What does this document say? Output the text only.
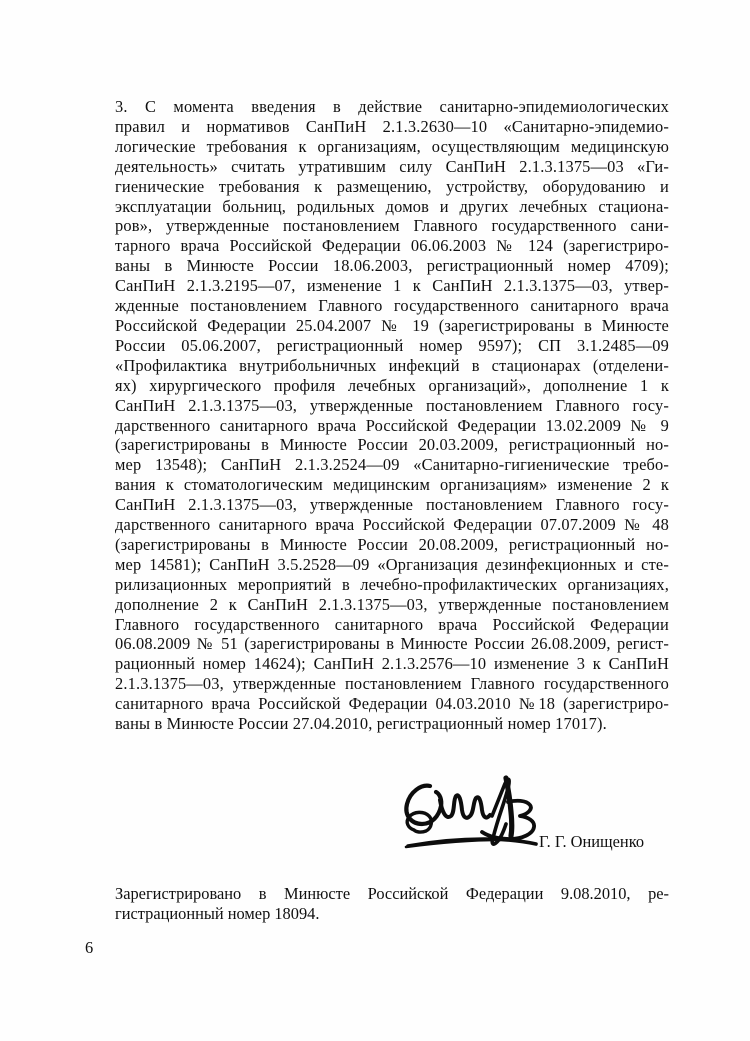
3. С момента введения в действие санитарно-эпидемиологических
правил и нормативов СанПиН 2.1.3.2630—10 «Санитарно-эпидемио-
логические требования к организациям, осуществляющим медицинскую
деятельность» считать утратившим силу СанПиН 2.1.3.1375—03 «Ги-
гиенические требования к размещению, устройству, оборудованию и
эксплуатации больниц, родильных домов и других лечебных стациона-
ров», утвержденные постановлением Главного государственного сани-
тарного врача Российской Федерации 06.06.2003 № 124 (зарегистриро-
ваны в Минюсте России 18.06.2003, регистрационный номер 4709);
СанПиН 2.1.3.2195—07, изменение 1 к СанПиН 2.1.3.1375—03, утвер-
жденные постановлением Главного государственного санитарного врача
Российской Федерации 25.04.2007 № 19 (зарегистрированы в Минюсте
России 05.06.2007, регистрационный номер 9597); СП 3.1.2485—09
«Профилактика внутрибольничных инфекций в стационарах (отделени-
ях) хирургического профиля лечебных организаций», дополнение 1 к
СанПиН 2.1.3.1375—03, утвержденные постановлением Главного госу-
дарственного санитарного врача Российской Федерации 13.02.2009 № 9
(зарегистрированы в Минюсте России 20.03.2009, регистрационный но-
мер 13548); СанПиН 2.1.3.2524—09 «Санитарно-гигиенические требо-
вания к стоматологическим медицинским организациям» изменение 2 к
СанПиН 2.1.3.1375—03, утвержденные постановлением Главного госу-
дарственного санитарного врача Российской Федерации 07.07.2009 № 48
(зарегистрированы в Минюсте России 20.08.2009, регистрационный но-
мер 14581); СанПиН 3.5.2528—09 «Организация дезинфекционных и сте-
рилизационных мероприятий в лечебно-профилактических организациях,
дополнение 2 к СанПиН 2.1.3.1375—03, утвержденные постановлением
Главного государственного санитарного врача Российской Федерации
06.08.2009 № 51 (зарегистрированы в Минюсте России 26.08.2009, регист-
рационный номер 14624); СанПиН 2.1.3.2576—10 изменение 3 к СанПиН
2.1.3.1375—03, утвержденные постановлением Главного государственного
санитарного врача Российской Федерации 04.03.2010 №18 (зарегистриро-
ваны в Минюсте России 27.04.2010, регистрационный номер 17017).

Г. Г. Онищенко

Зарегистрировано в Минюсте Российской Федерации 9.08.2010, ре-
гистрационный номер 18094.

6
